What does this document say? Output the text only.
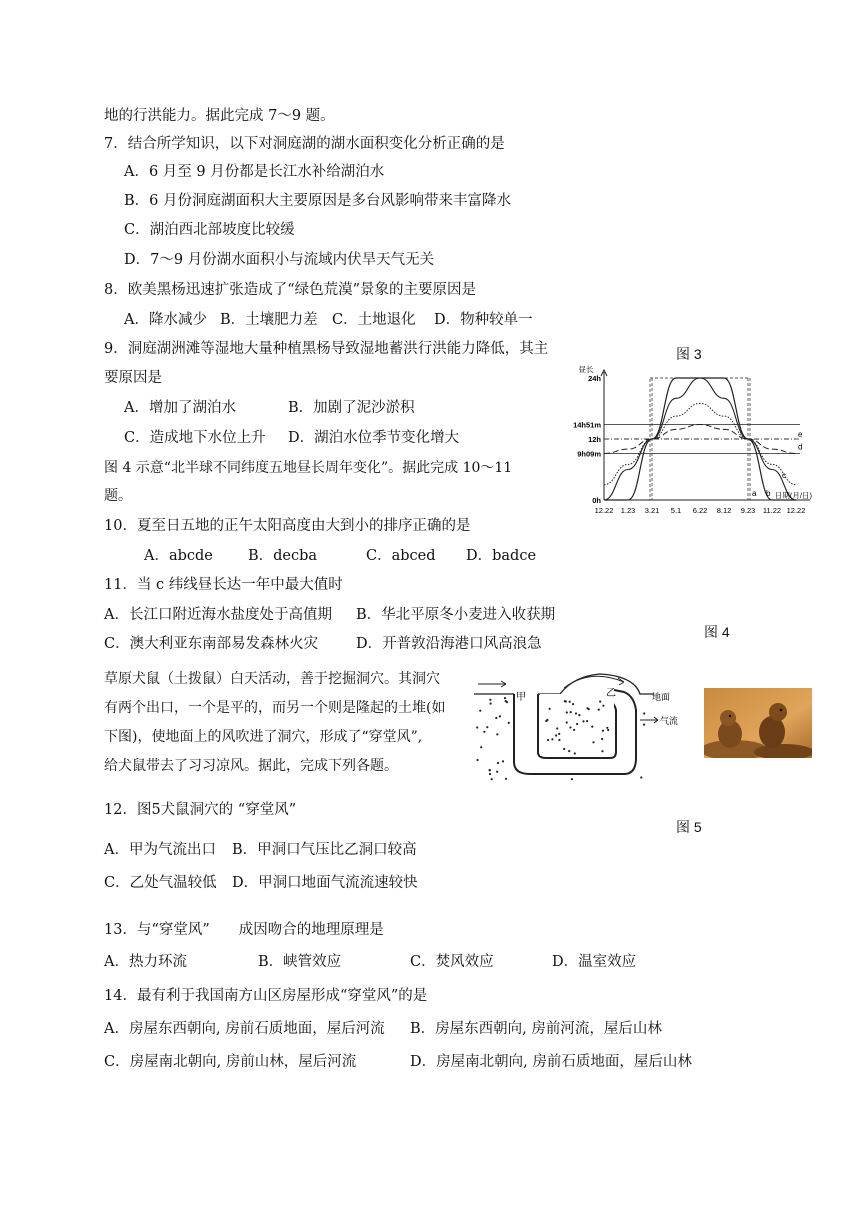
地的行洪能力。据此完成 7～9 题。
7．结合所学知识，以下对洞庭湖的湖水面积变化分析正确的是
A．6 月至 9 月份都是长江水补给湖泊水
B．6 月份洞庭湖面积大主要原因是多台风影响带来丰富降水
C．湖泊西北部坡度比较缓
D．7～9 月份湖水面积小与流域内伏旱天气无关
8．欧美黑杨迅速扩张造成了“绿色荒漠”景象的主要原因是
A．降水减少 B．土壤肥力差 C．土地退化 D．物种较单一
9．洞庭湖洲滩等湿地大量种植黑杨导致湿地蓄洪行洪能力降低，其主
要原因是
A．增加了湖泊水	B．加剧了泥沙淤积
C．造成地下水位上升 D．湖泊水位季节变化增大
图 4 示意“北半球不同纬度五地昼长周年变化”。据此完成 10～11
题。
10．夏至日五地的正午太阳高度由大到小的排序正确的是
A．abcde B．decba	C．abced D．badce
11．当 c 纬线昼长达一年中最大值时
A．长江口附近海水盐度处于高值期 B．华北平原冬小麦进入收获期
C．澳大利亚东南部易发森林火灾	D．开普敦沿海港口风高浪急
草原犬鼠（土拨鼠）白天活动，善于挖掘洞穴。其洞穴
有两个出口，一个是平的，而另一个则是隆起的土堆(如
下图)，使地面上的风吹进了洞穴，形成了“穿堂风”,
给犬鼠带去了习习凉风。据此，完成下列各题。
12．图5犬鼠洞穴的 “穿堂风”
A．甲为气流出口 B．甲洞口气压比乙洞口较高
C．乙处气温较低 D．甲洞口地面气流流速较快
13．与“穿堂风”　　成因吻合的地理原理是
A．热力环流	B．峡管效应	C．焚风效应	D．温室效应
14．最有利于我国南方山区房屋形成“穿堂风”的是
A．房屋东西朝向, 房前石质地面，屋后河流 B．房屋东西朝向, 房前河流，屋后山林
C．房屋南北朝向, 房前山林，屋后河流	D．房屋南北朝向, 房前石质地面，屋后山林
图 3
图 4
图 5
24h
14h51m
12h
9h09m
0h
昼长
12.22 1.23 3.21 5.1 6.22 8.12 9.23 11.22 12.22
日期(月/日)
a b
c
d
e
甲	乙	地面
气流
